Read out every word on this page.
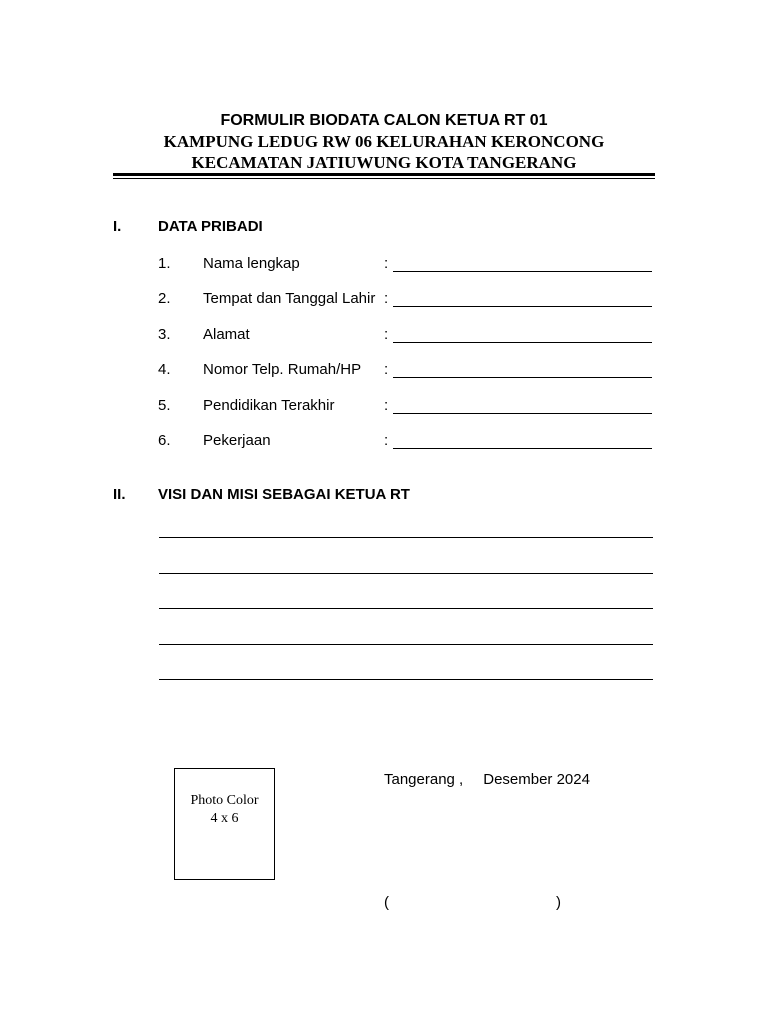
FORMULIR BIODATA CALON KETUA RT 01
KAMPUNG LEDUG RW 06 KELURAHAN KERONCONG
KECAMATAN JATIUWUNG KOTA TANGERANG
I. DATA PRIBADI
1. Nama lengkap	:
2. Tempat dan Tanggal Lahir :
3. Alamat	:
4. Nomor Telp. Rumah/HP :
5. Pendidikan Terakhir	:
6. Pekerjaan	:
II. VISI DAN MISI SEBAGAI KETUA RT
Photo Color
4 x 6
Tangerang , Desember 2024
(	)
